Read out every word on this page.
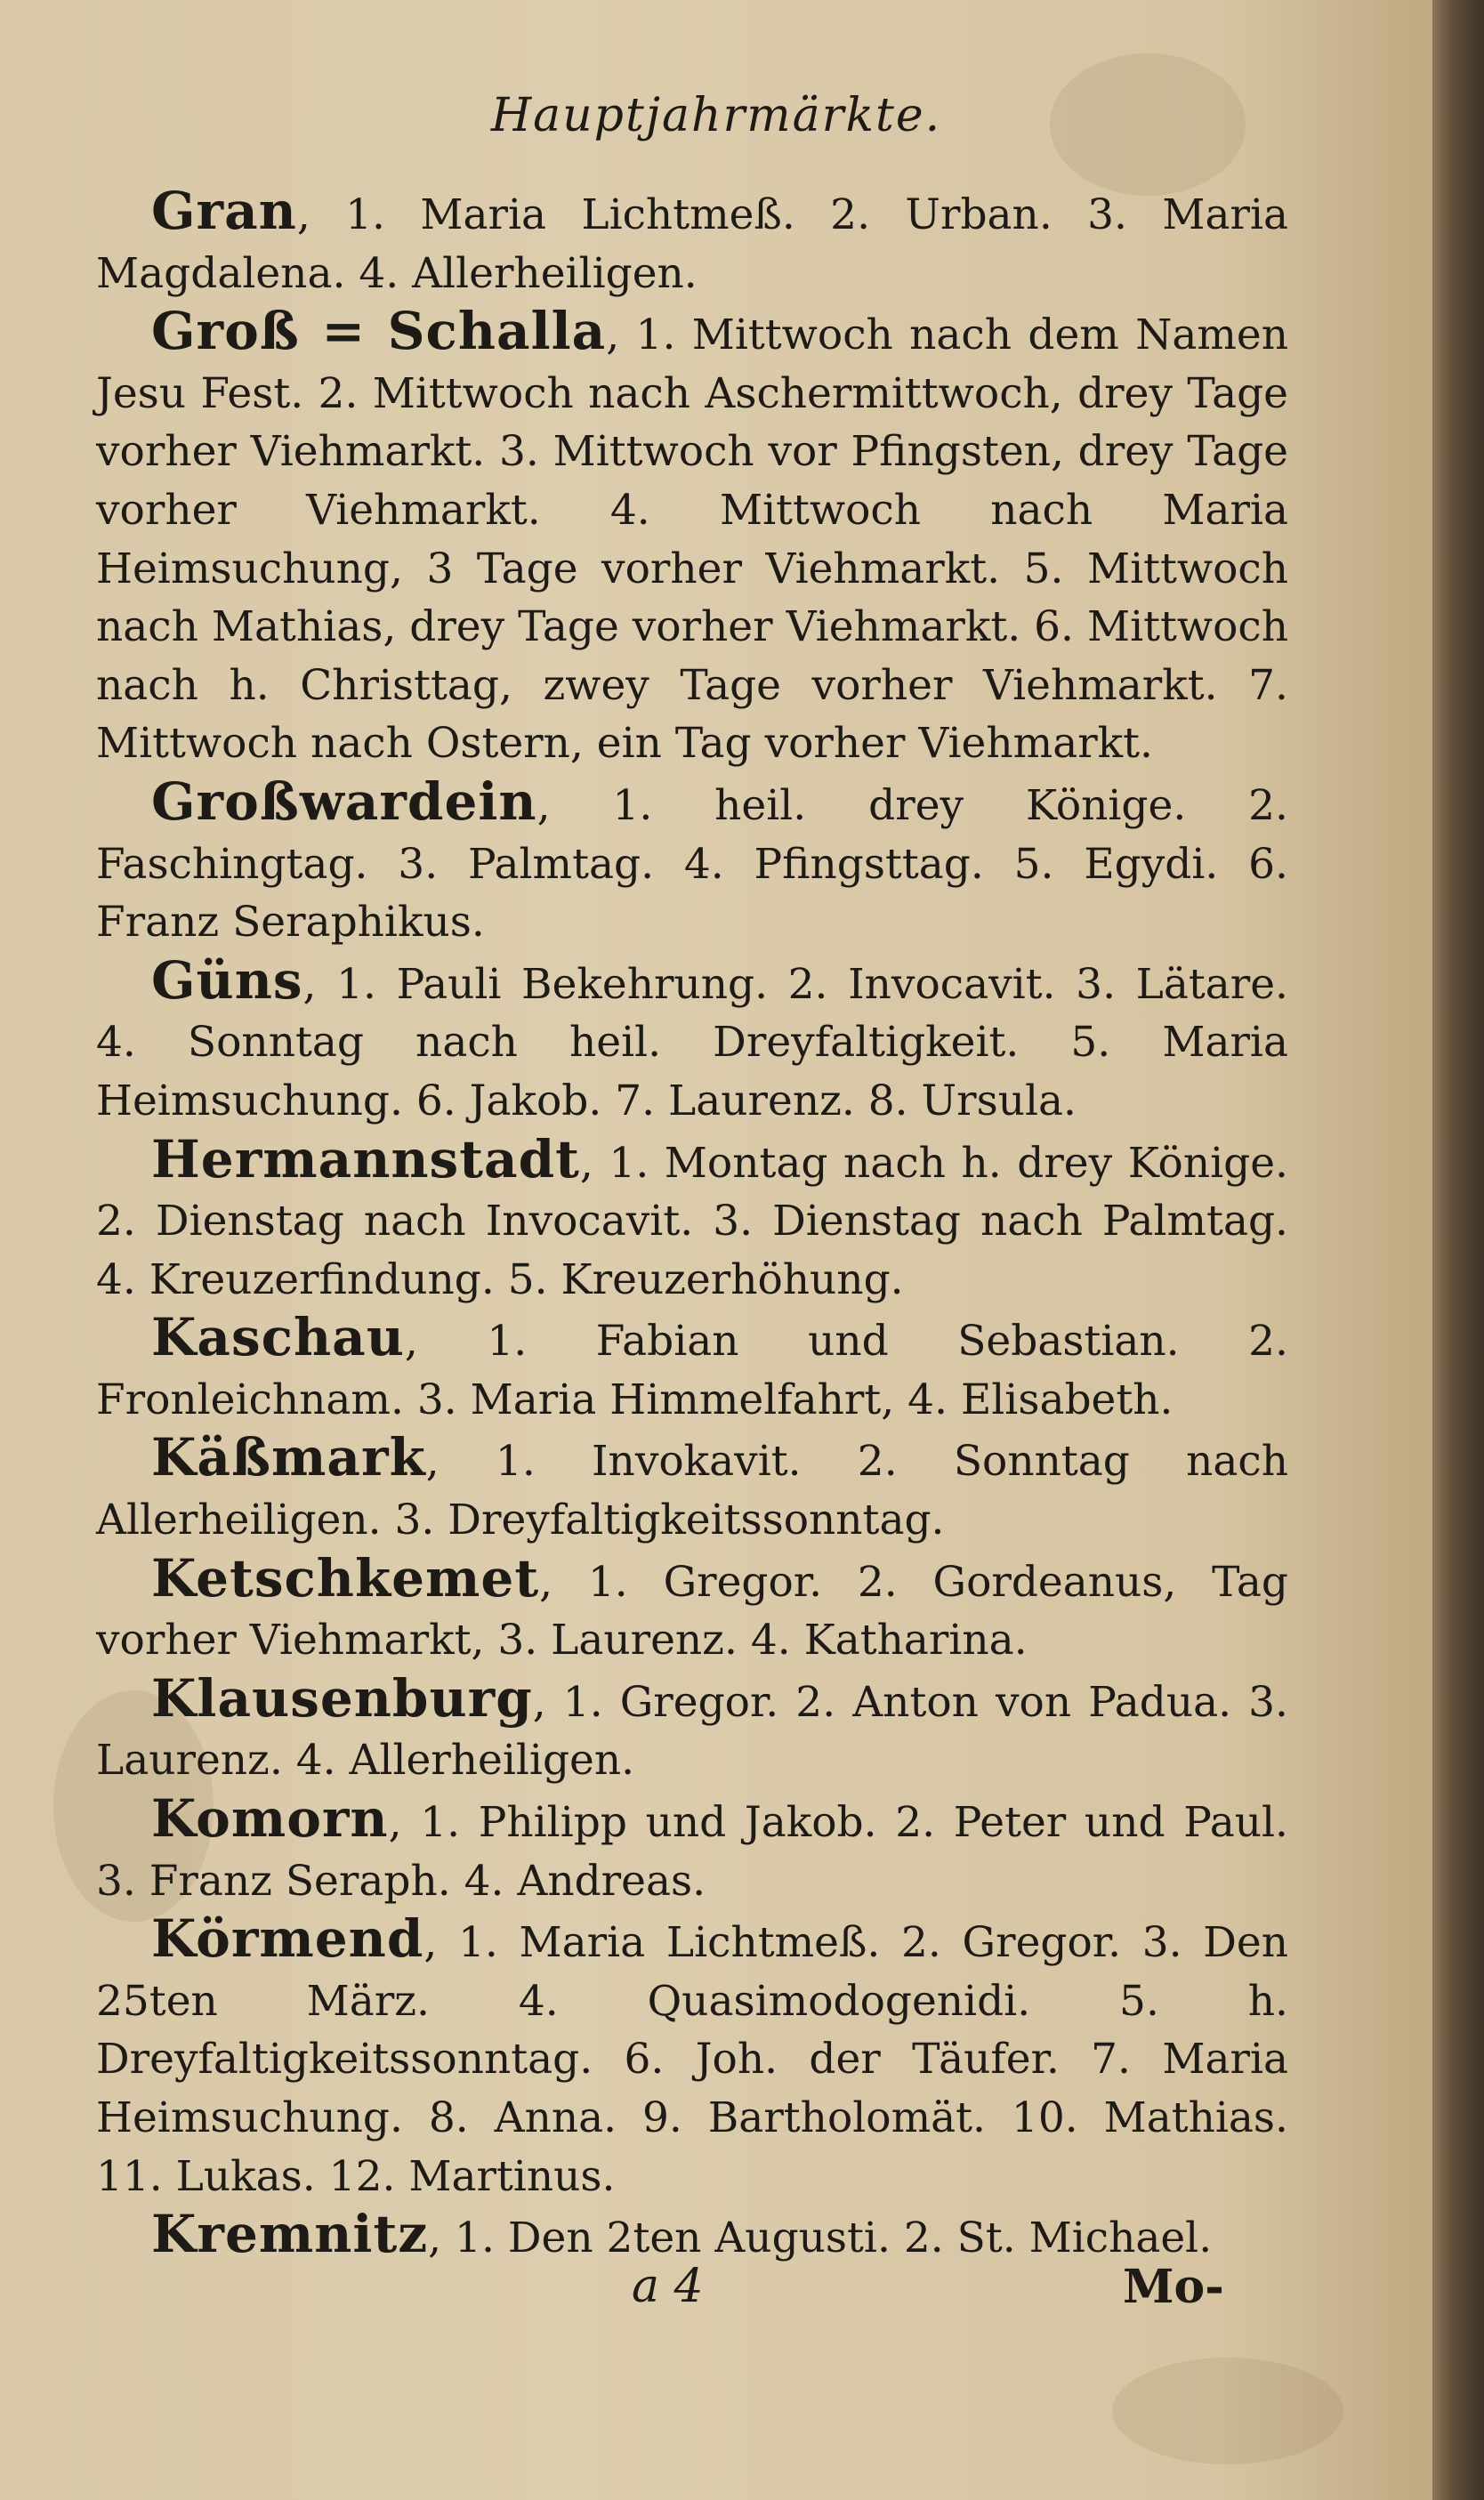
Hauptjahrmärkte.

Gran, 1. Maria Lichtmeß. 2. Urban. 3. Maria Magdalena. 4. Allerheiligen.

Groß = Schalla, 1. Mittwoch nach dem Namen Jesu Fest. 2. Mittwoch nach Aschermittwoch, drey Tage vorher Viehmarkt. 3. Mittwoch vor Pfingsten, drey Tage vorher Viehmarkt. 4. Mittwoch nach Maria Heimsuchung, 3 Tage vorher Viehmarkt. 5. Mittwoch nach Mathias, drey Tage vorher Viehmarkt. 6. Mittwoch nach h. Christtag, zwey Tage vorher Viehmarkt. 7. Mittwoch nach Ostern, ein Tag vorher Viehmarkt.

Großwardein, 1. heil. drey Könige. 2. Faschingtag. 3. Palmtag. 4. Pfingsttag. 5. Egydi. 6. Franz Seraphikus.

Güns, 1. Pauli Bekehrung. 2. Invocavit. 3. Lätare. 4. Sonntag nach heil. Dreyfaltigkeit. 5. Maria Heimsuchung. 6. Jakob. 7. Laurenz. 8. Ursula.

Hermannstadt, 1. Montag nach h. drey Könige. 2. Dienstag nach Invocavit. 3. Dienstag nach Palmtag. 4. Kreuzerfindung. 5. Kreuzerhöhung.

Kaschau, 1. Fabian und Sebastian. 2. Fronleichnam. 3. Maria Himmelfahrt, 4. Elisabeth.

Käßmark, 1. Invokavit. 2. Sonntag nach Allerheiligen. 3. Dreyfaltigkeitssonntag.

Ketschkemet, 1. Gregor. 2. Gordeanus, Tag vorher Viehmarkt, 3. Laurenz. 4. Katharina.

Klausenburg, 1. Gregor. 2. Anton von Padua. 3. Laurenz. 4. Allerheiligen.

Komorn, 1. Philipp und Jakob. 2. Peter und Paul. 3. Franz Seraph. 4. Andreas.

Körmend, 1. Maria Lichtmeß. 2. Gregor. 3. Den 25ten März. 4. Quasimodogenidi. 5. h. Dreyfaltigkeitssonntag. 6. Joh. der Täufer. 7. Maria Heimsuchung. 8. Anna. 9. Bartholomät. 10. Mathias. 11. Lukas. 12. Martinus.

Kremnitz, 1. Den 2ten Augusti. 2. St. Michael.

a 4	Mo-
